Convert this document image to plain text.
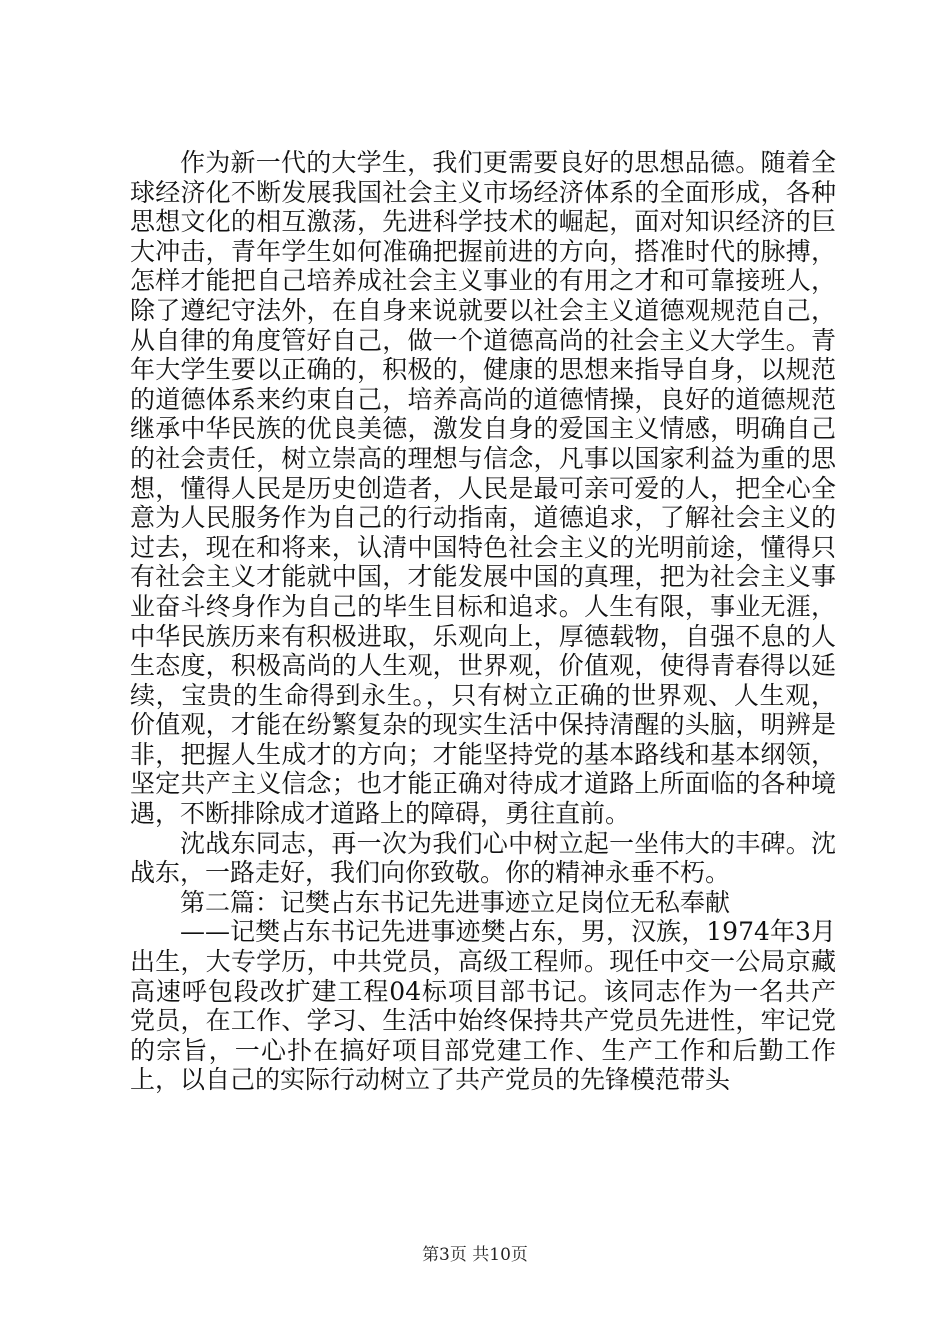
作为新一代的大学生，我们更需要良好的思想品德。随着全球经济化不断发展我国社会主义市场经济体系的全面形成，各种思想文化的相互激荡，先进科学技术的崛起，面对知识经济的巨大冲击，青年学生如何准确把握前进的方向，搭准时代的脉搏，怎样才能把自己培养成社会主义事业的有用之才和可靠接班人，除了遵纪守法外，在自身来说就要以社会主义道德观规范自己，从自律的角度管好自己，做一个道德高尚的社会主义大学生。青年大学生要以正确的，积极的，健康的思想来指导自身，以规范的道德体系来约束自己，培养高尚的道德情操，良好的道德规范继承中华民族的优良美德，激发自身的爱国主义情感，明确自己的社会责任，树立崇高的理想与信念，凡事以国家利益为重的思想，懂得人民是历史创造者，人民是最可亲可爱的人，把全心全意为人民服务作为自己的行动指南，道德追求，了解社会主义的过去，现在和将来，认清中国特色社会主义的光明前途，懂得只有社会主义才能就中国，才能发展中国的真理，把为社会主义事业奋斗终身作为自己的毕生目标和追求。人生有限，事业无涯，中华民族历来有积极进取，乐观向上，厚德载物，自强不息的人生态度，积极高尚的人生观，世界观，价值观，使得青春得以延续，宝贵的生命得到永生。，只有树立正确的世界观、人生观，价值观，才能在纷繁复杂的现实生活中保持清醒的头脑，明辨是非，把握人生成才的方向；才能坚持党的基本路线和基本纲领，坚定共产主义信念；也才能正确对待成才道路上所面临的各种境遇，不断排除成才道路上的障碍，勇往直前。

沈战东同志，再一次为我们心中树立起一坐伟大的丰碑。沈战东，一路走好，我们向你致敬。你的精神永垂不朽。

第二篇：记樊占东书记先进事迹立足岗位无私奉献

——记樊占东书记先进事迹樊占东，男，汉族，1974年3月出生，大专学历，中共党员，高级工程师。现任中交一公局京藏高速呼包段改扩建工程04标项目部书记。该同志作为一名共产党员，在工作、学习、生活中始终保持共产党员先进性，牢记党的宗旨，一心扑在搞好项目部党建工作、生产工作和后勤工作上，以自己的实际行动树立了共产党员的先锋模范带头

第3页 共10页
